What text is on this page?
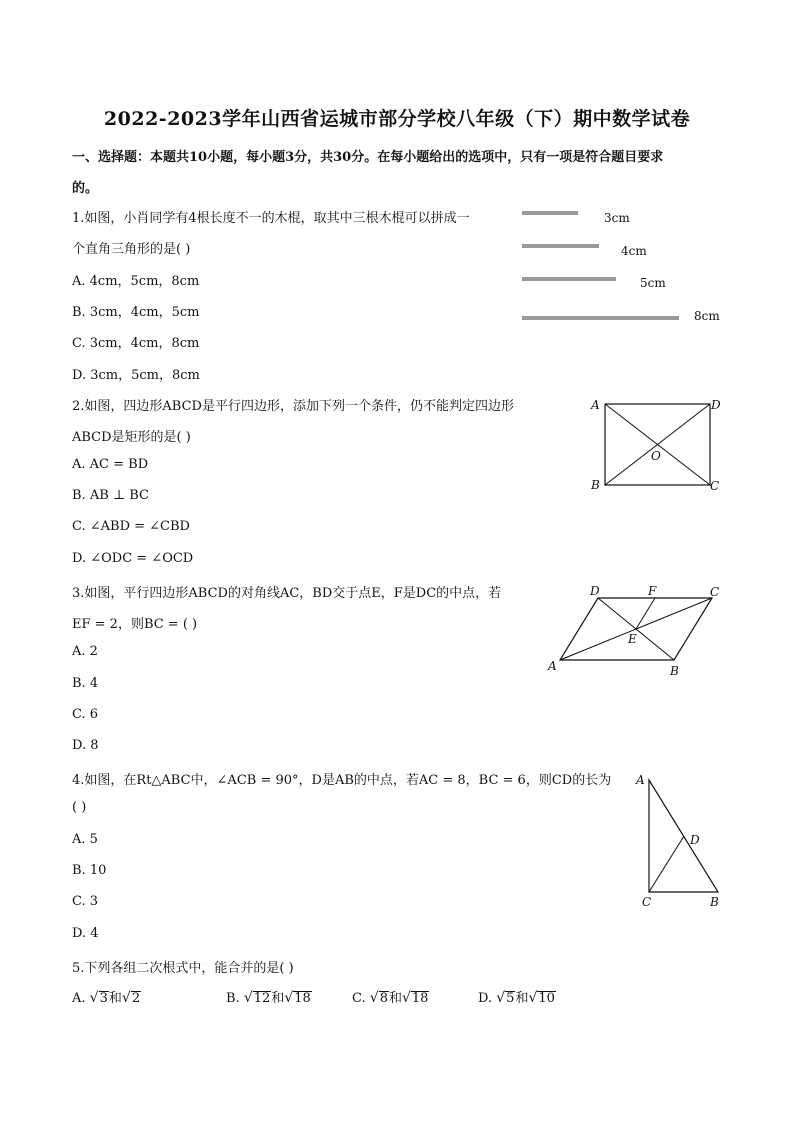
2022-2023学年山西省运城市部分学校八年级（下）期中数学试卷
一、选择题：本题共10小题，每小题3分，共30分。在每小题给出的选项中，只有一项是符合题目要求
的。
1.如图，小肖同学有4根长度不一的木棍，取其中三根木棍可以拼成一
个直角三角形的是( )
A. 4cm，5cm，8cm
B. 3cm，4cm，5cm
C. 3cm，4cm，8cm
D. 3cm，5cm，8cm
3cm
4cm
5cm
8cm
2.如图，四边形ABCD是平行四边形，添加下列一个条件，仍不能判定四边形
ABCD是矩形的是( )
A. AC = BD
B. AB ⊥ BC
C. ∠ABD = ∠CBD
D. ∠ODC = ∠OCD
A	D
B	C
O
3.如图，平行四边形ABCD的对角线AC，BD交于点E，F是DC的中点，若
EF = 2，则BC = ( )
A. 2
B. 4
C. 6
D. 8
A	B
C
D
E
F
4.如图，在Rt△ABC中，∠ACB = 90°，D是AB的中点，若AC = 8，BC = 6，则CD的长为
( )
A. 5
B. 10
C. 3
D. 4
A
D
C	B
5.下列各组二次根式中，能合并的是( )
A. √3和√2	B. √12和√18	C. √8和√18	D. √5和√10
